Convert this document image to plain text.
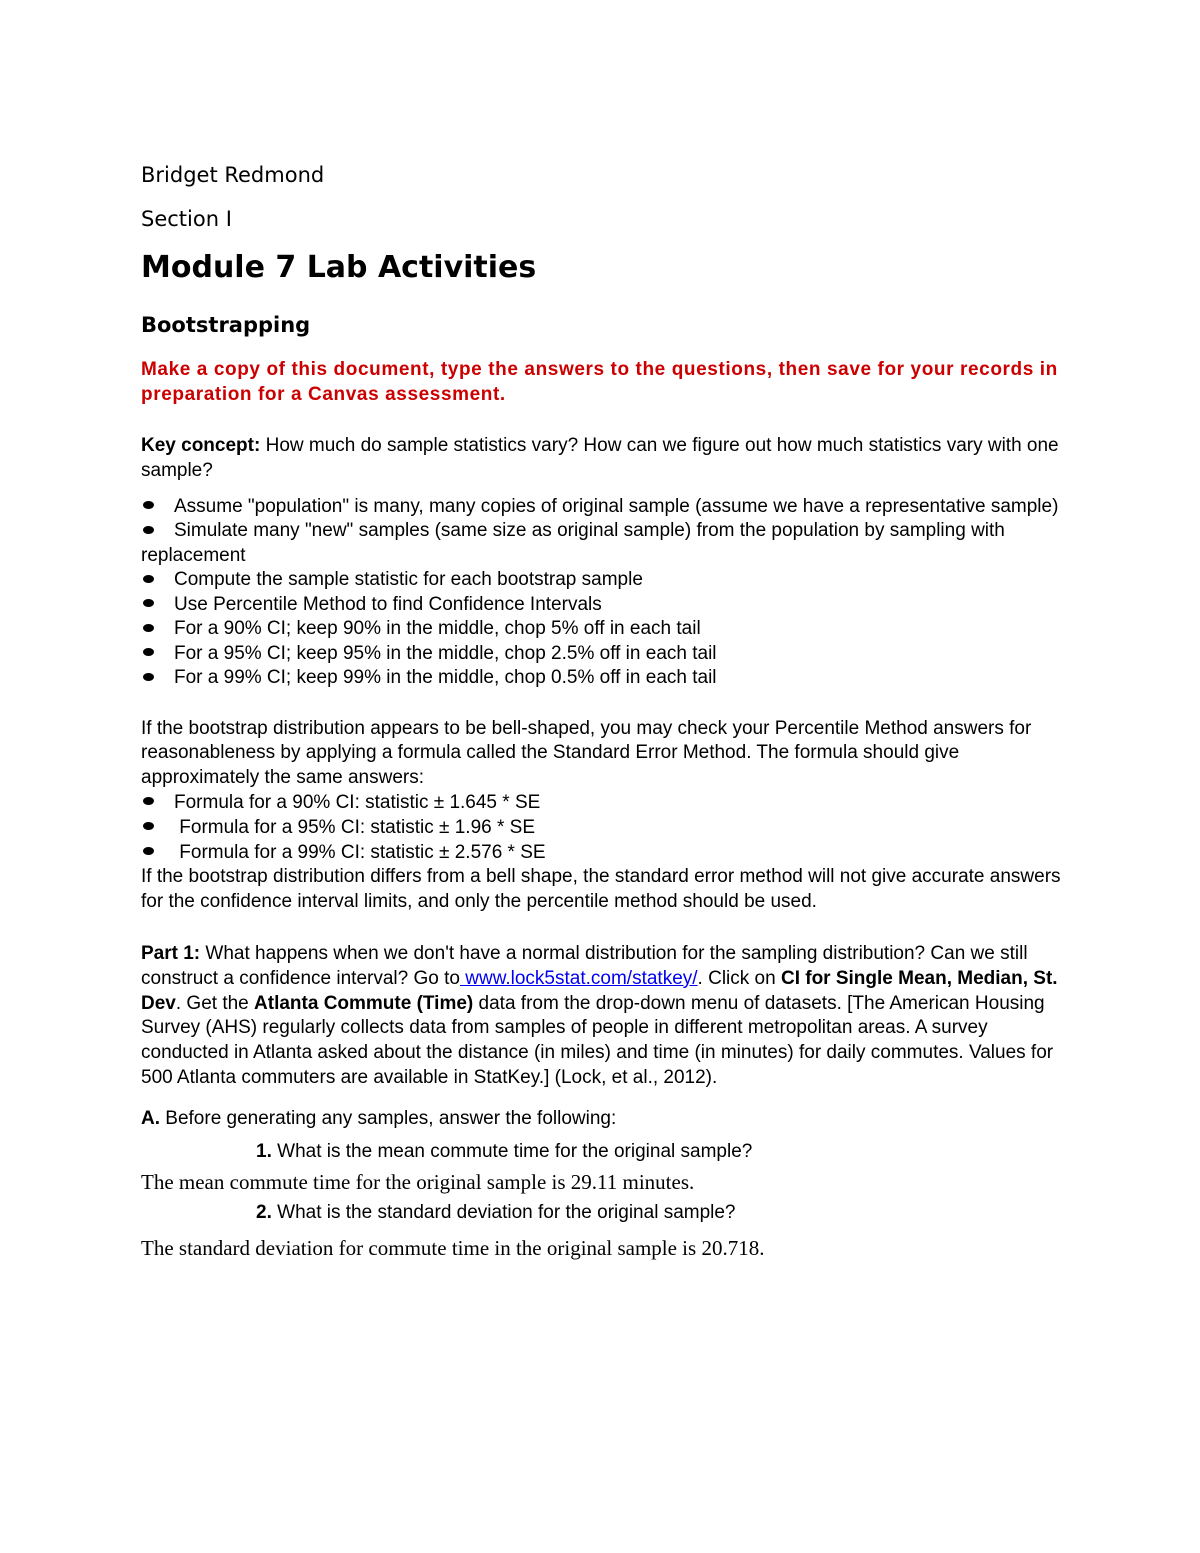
Bridget Redmond

Section I

Module 7 Lab Activities
Bootstrapping

Make a copy of this document, type the answers to the questions, then save for your records in preparation for a Canvas assessment.

Key concept: How much do sample statistics vary? How can we figure out how much statistics vary with one sample?

Assume "population" is many, many copies of original sample (assume we have a representative sample)
Simulate many "new" samples (same size as original sample) from the population by sampling with replacement
Compute the sample statistic for each bootstrap sample
Use Percentile Method to find Confidence Intervals
For a 90% CI; keep 90% in the middle, chop 5% off in each tail
For a 95% CI; keep 95% in the middle, chop 2.5% off in each tail
For a 99% CI; keep 99% in the middle, chop 0.5% off in each tail

If the bootstrap distribution appears to be bell-shaped, you may check your Percentile Method answers for reasonableness by applying a formula called the Standard Error Method. The formula should give approximately the same answers:

Formula for a 90% CI: statistic ± 1.645 * SE
Formula for a 95% CI: statistic ± 1.96 * SE
Formula for a 99% CI: statistic ± 2.576 * SE

If the bootstrap distribution differs from a bell shape, the standard error method will not give accurate answers for the confidence interval limits, and only the percentile method should be used.

Part 1: What happens when we don't have a normal distribution for the sampling distribution? Can we still construct a confidence interval? Go to www.lock5stat.com/statkey/. Click on CI for Single Mean, Median, St. Dev. Get the Atlanta Commute (Time) data from the drop-down menu of datasets. [The American Housing Survey (AHS) regularly collects data from samples of people in different metropolitan areas. A survey conducted in Atlanta asked about the distance (in miles) and time (in minutes) for daily commutes. Values for 500 Atlanta commuters are available in StatKey.] (Lock, et al., 2012).

A. Before generating any samples, answer the following:

1. What is the mean commute time for the original sample?

The mean commute time for the original sample is 29.11 minutes.

2. What is the standard deviation for the original sample?

The standard deviation for commute time in the original sample is 20.718.
